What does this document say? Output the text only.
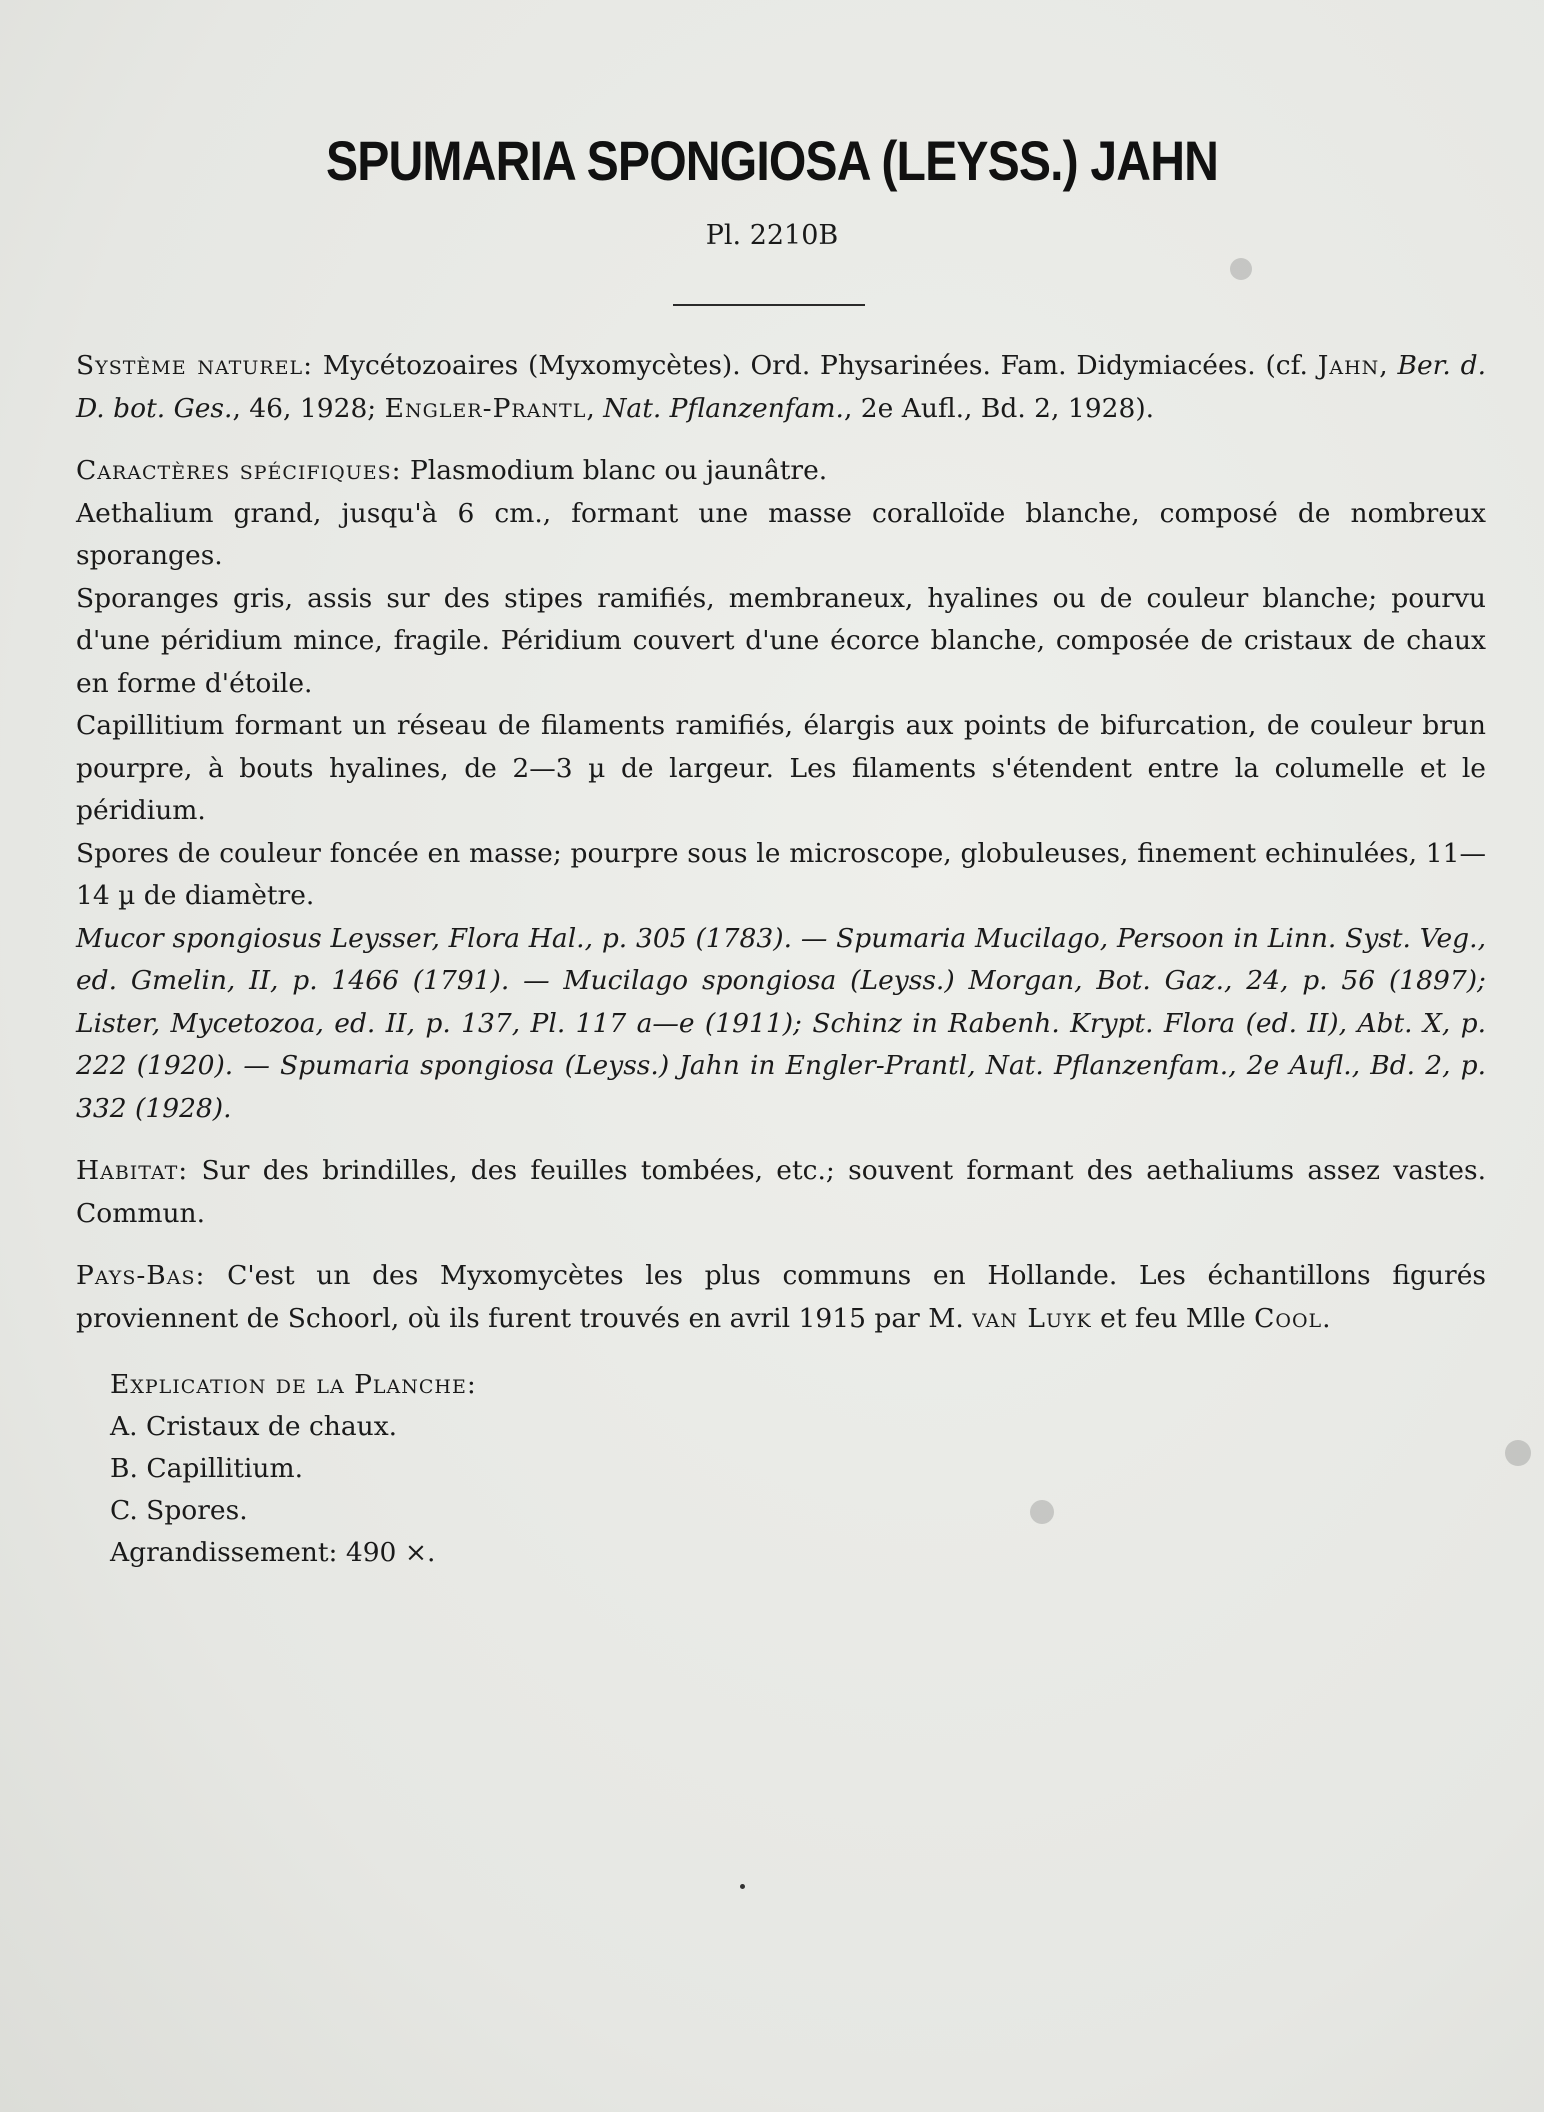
SPUMARIA SPONGIOSA (LEYSS.) JAHN
Pl. 2210B

Système naturel: Mycétozoaires (Myxomycètes). Ord. Physarinées. Fam. Didymiacées. (cf. Jahn, Ber. d. D. bot. Ges., 46, 1928; Engler-Prantl, Nat. Pflanzenfam., 2e Aufl., Bd. 2, 1928).

Caractères spécifiques: Plasmodium blanc ou jaunâtre.

Aethalium grand, jusqu'à 6 cm., formant une masse coralloïde blanche, composé de nombreux sporanges.

Sporanges gris, assis sur des stipes ramifiés, membraneux, hyalines ou de couleur blanche; pourvu d'une péridium mince, fragile. Péridium couvert d'une écorce blanche, composée de cristaux de chaux en forme d'étoile.

Capillitium formant un réseau de filaments ramifiés, élargis aux points de bifurcation, de couleur brun pourpre, à bouts hyalines, de 2—3 µ de largeur. Les filaments s'étendent entre la columelle et le péridium.

Spores de couleur foncée en masse; pourpre sous le microscope, globuleuses, finement echinulées, 11—14 µ de diamètre.

Mucor spongiosus Leysser, Flora Hal., p. 305 (1783). — Spumaria Mucilago, Persoon in Linn. Syst. Veg., ed. Gmelin, II, p. 1466 (1791). — Mucilago spongiosa (Leyss.) Morgan, Bot. Gaz., 24, p. 56 (1897); Lister, Mycetozoa, ed. II, p. 137, Pl. 117 a—e (1911); Schinz in Rabenh. Krypt. Flora (ed. II), Abt. X, p. 222 (1920). — Spumaria spongiosa (Leyss.) Jahn in Engler-Prantl, Nat. Pflanzenfam., 2e Aufl., Bd. 2, p. 332 (1928).

Habitat: Sur des brindilles, des feuilles tombées, etc.; souvent formant des aethaliums assez vastes. Commun.

Pays-Bas: C'est un des Myxomycètes les plus communs en Hollande. Les échantillons figurés proviennent de Schoorl, où ils furent trouvés en avril 1915 par M. van Luyk et feu Mlle Cool.

Explication de la Planche:

A. Cristaux de chaux.

B. Capillitium.

C. Spores.

Agrandissement: 490 ×.
